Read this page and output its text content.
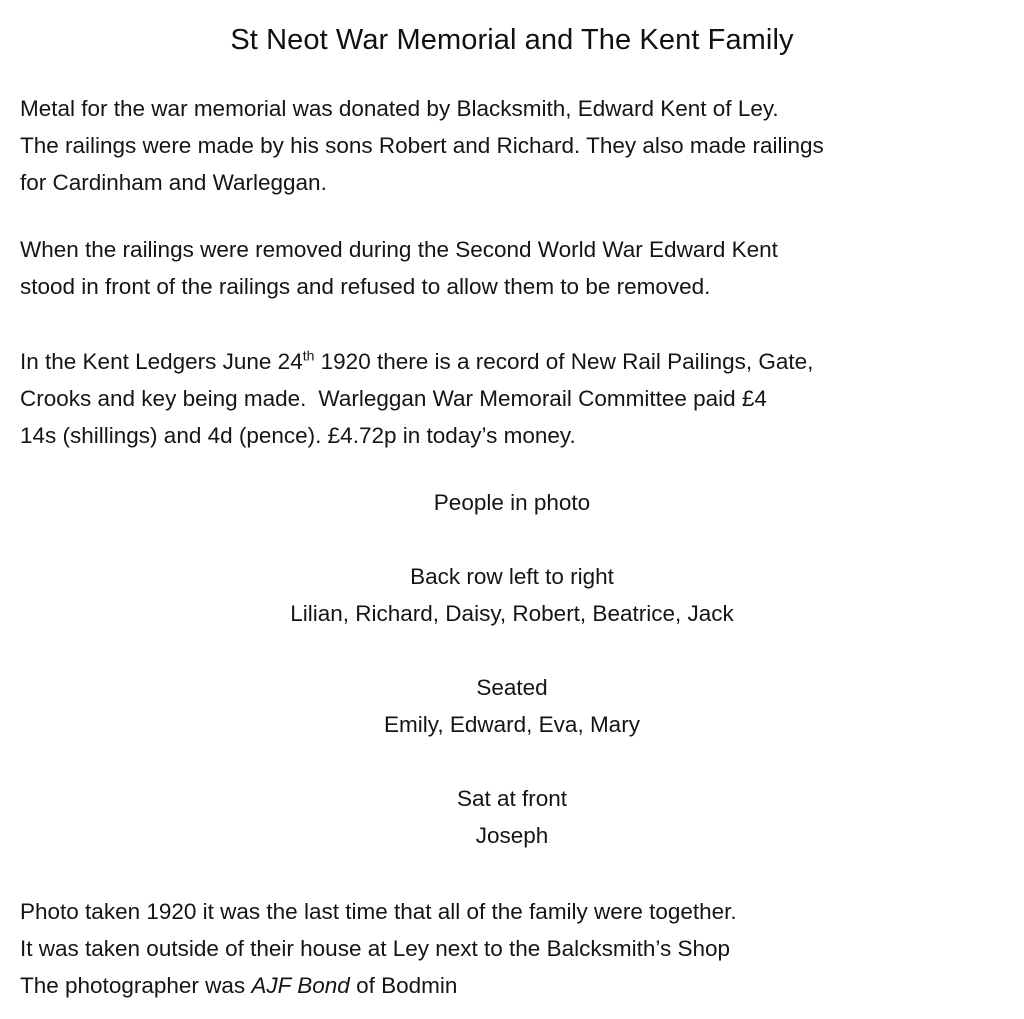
St Neot War Memorial and The Kent Family
Metal for the war memorial was donated by Blacksmith, Edward Kent of Ley.
The railings were made by his sons Robert and Richard. They also made railings
for Cardinham and Warleggan.
When the railings were removed during the Second World War Edward Kent
stood in front of the railings and refused to allow them to be removed.
In the Kent Ledgers June 24th 1920 there is a record of New Rail Pailings, Gate,
Crooks and key being made. Warleggan War Memorail Committee paid £4
14s (shillings) and 4d (pence). £4.72p in today’s money.
People in photo
Back row left to right
Lilian, Richard, Daisy, Robert, Beatrice, Jack
Seated
Emily, Edward, Eva, Mary
Sat at front
Joseph
Photo taken 1920 it was the last time that all of the family were together.
It was taken outside of their house at Ley next to the Balcksmith’s Shop
The photographer was AJF Bond of Bodmin
